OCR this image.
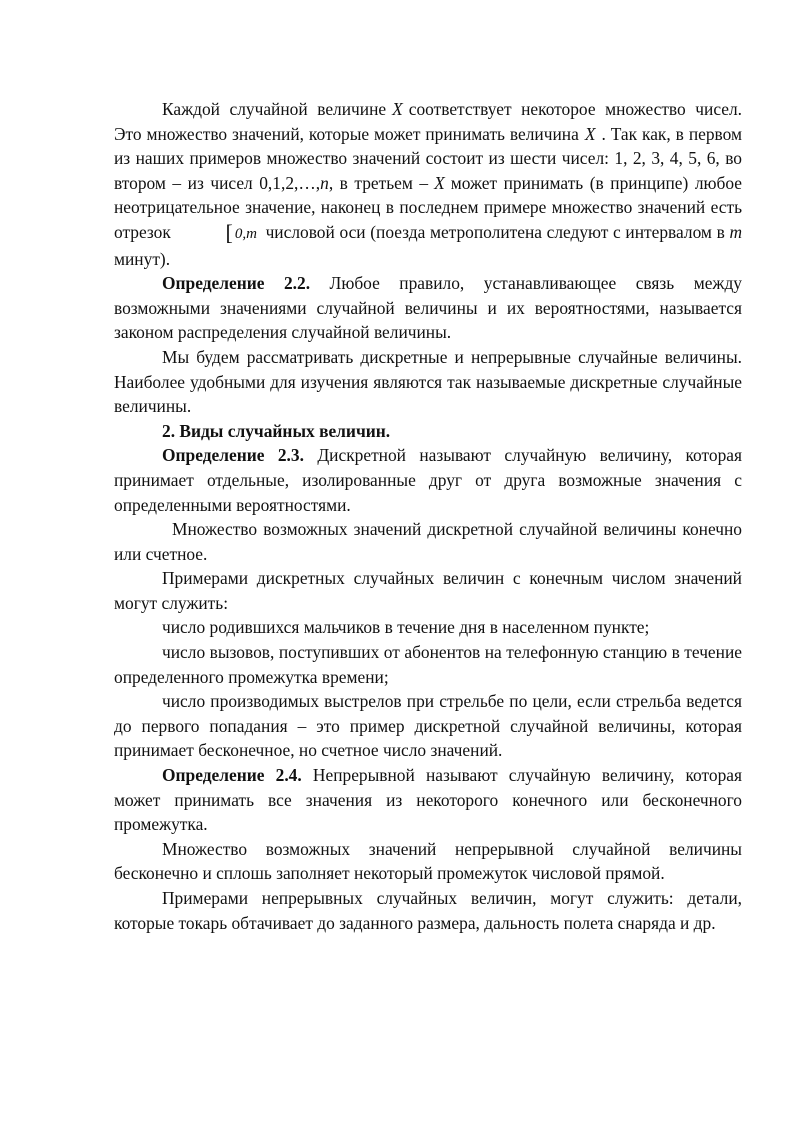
Каждой случайной величине X соответствует некоторое множество чисел. Это множество значений, которые может принимать величина X . Так как, в первом из наших примеров множество значений состоит из шести чисел: 1, 2, 3, 4, 5, 6, во втором – из чисел 0,1,2,…,n, в третьем – X может принимать (в принципе) любое неотрицательное значение, наконец в последнем примере множество значений есть отрезок [ 0,m числовой оси (поезда метрополитена следуют с интервалом в m минут).

Определение 2.2. Любое правило, устанавливающее связь между возможными значениями случайной величины и их вероятностями, называется законом распределения случайной величины.

Мы будем рассматривать дискретные и непрерывные случайные величины. Наиболее удобными для изучения являются так называемые дискретные случайные величины.

2. Виды случайных величин.

Определение 2.3. Дискретной называют случайную величину, которая принимает отдельные, изолированные друг от друга возможные значения с определенными вероятностями.

Множество возможных значений дискретной случайной величины конечно или счетное.

Примерами дискретных случайных величин с конечным числом значений могут служить:

число родившихся мальчиков в течение дня в населенном пункте;

число вызовов, поступивших от абонентов на телефонную станцию в течение определенного промежутка времени;

число производимых выстрелов при стрельбе по цели, если стрельба ведется до первого попадания – это пример дискретной случайной величины, которая принимает бесконечное, но счетное число значений.

Определение 2.4. Непрерывной называют случайную величину, которая может принимать все значения из некоторого конечного или бесконечного промежутка.

Множество возможных значений непрерывной случайной величины бесконечно и сплошь заполняет некоторый промежуток числовой прямой.

Примерами непрерывных случайных величин, могут служить: детали, которые токарь обтачивает до заданного размера, дальность полета снаряда и др.
